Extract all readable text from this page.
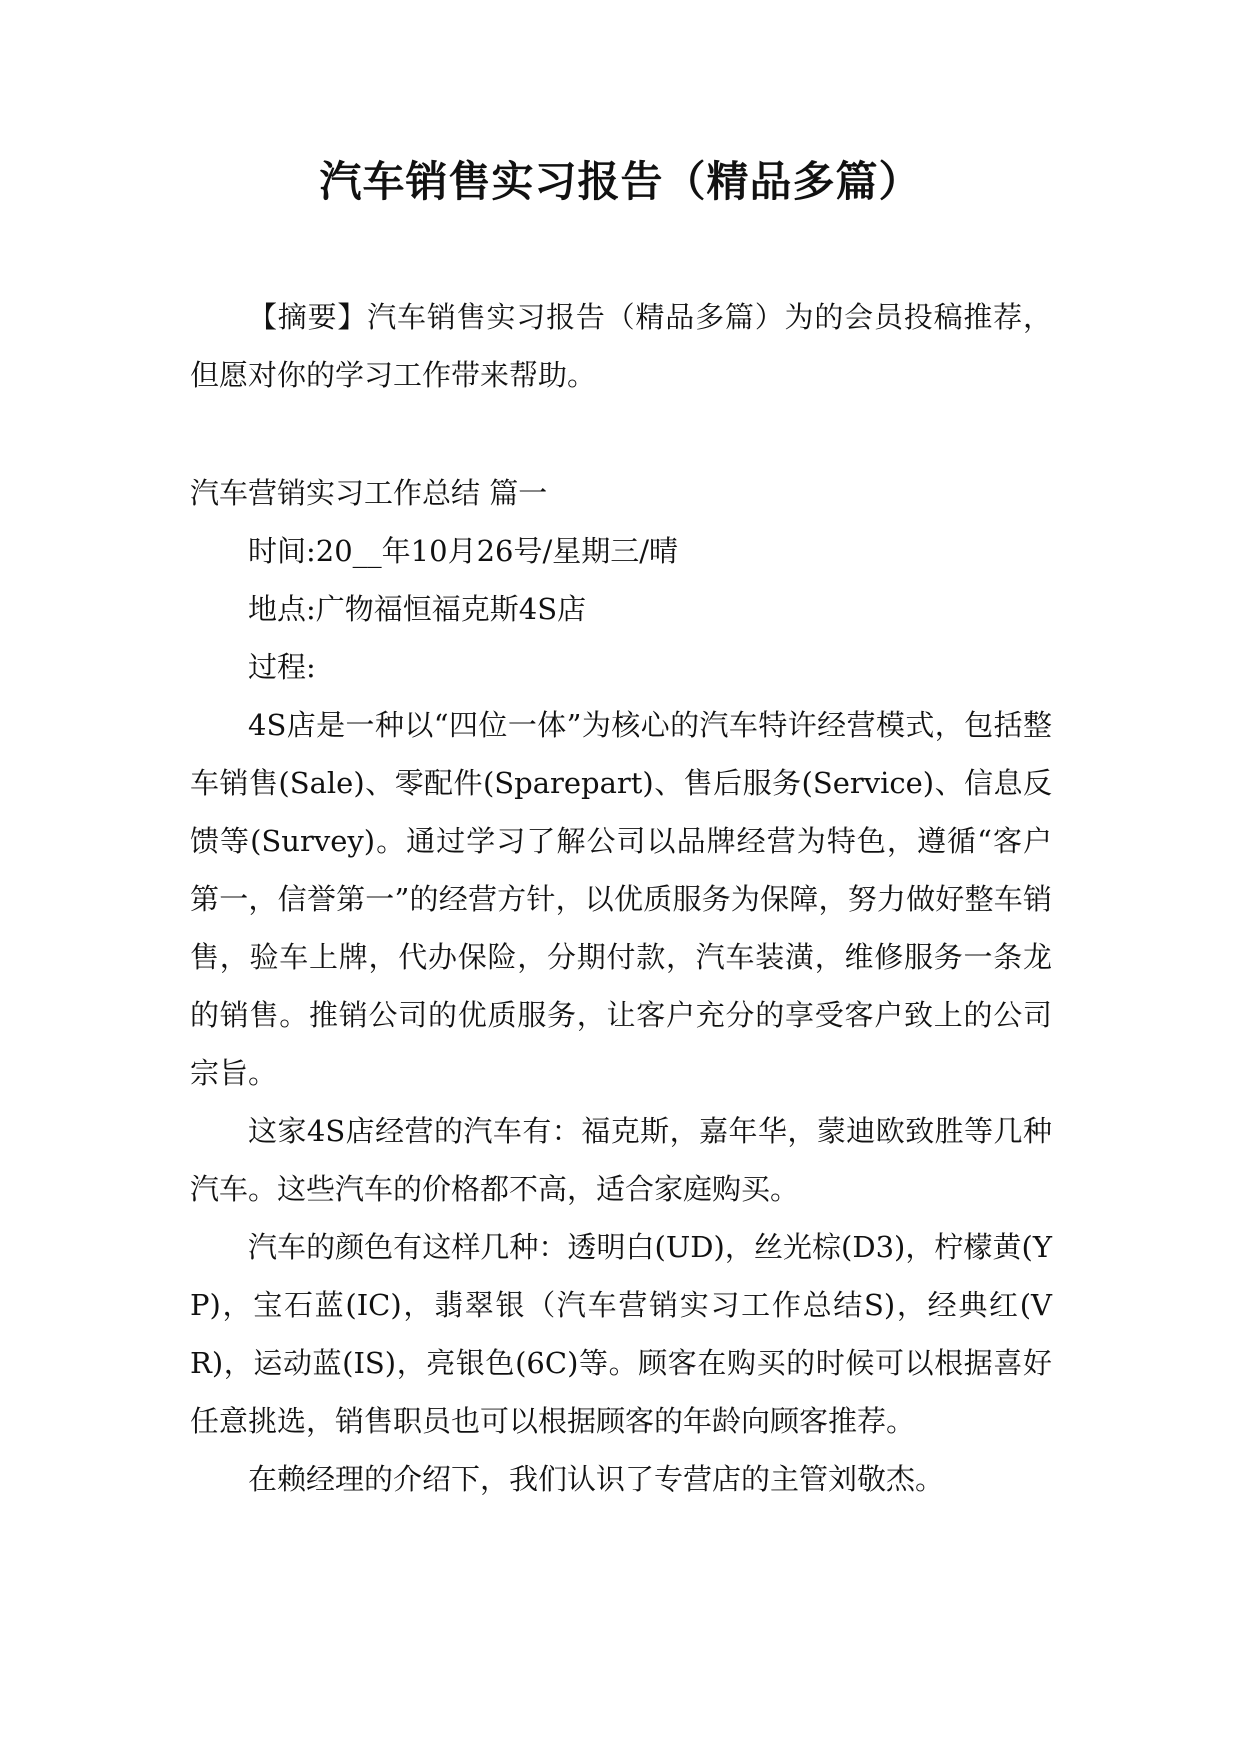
汽车销售实习报告（精品多篇）

【摘要】汽车销售实习报告（精品多篇）为的会员投稿推荐，但愿对你的学习工作带来帮助。

汽车营销实习工作总结 篇一

时间:20__年10月26号/星期三/晴

地点:广物福恒福克斯4S店

过程:

4S店是一种以“四位一体”为核心的汽车特许经营模式，包括整车销售(Sale)、零配件(Sparepart)、售后服务(Service)、信息反馈等(Survey)。通过学习了解公司以品牌经营为特色，遵循“客户第一，信誉第一”的经营方针，以优质服务为保障，努力做好整车销售，验车上牌，代办保险，分期付款，汽车装潢，维修服务一条龙的销售。推销公司的优质服务，让客户充分的享受客户致上的公司宗旨。

这家4S店经营的汽车有：福克斯，嘉年华，蒙迪欧致胜等几种汽车。这些汽车的价格都不高，适合家庭购买。

汽车的颜色有这样几种：透明白(UD)，丝光棕(D3)，柠檬黄(YP)，宝石蓝(IC)，翡翠银（汽车营销实习工作总结S)，经典红(VR)，运动蓝(IS)，亮银色(6C)等。顾客在购买的时候可以根据喜好任意挑选，销售职员也可以根据顾客的年龄向顾客推荐。

在赖经理的介绍下，我们认识了专营店的主管刘敬杰。
